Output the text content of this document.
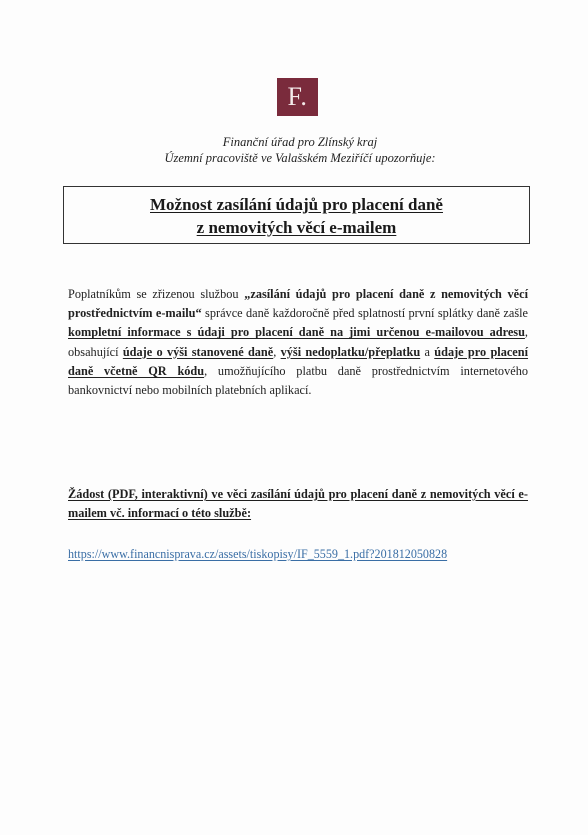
F.
Finanční úřad pro Zlínský kraj
Územní pracoviště ve Valašském Meziříčí upozorňuje:
Možnost zasílání údajů pro placení daně
z nemovitých věcí e-mailem
Poplatníkům se zřizenou službou „zasílání údajů pro placení daně z nemovitých věcí prostřednictvím e-mailu“ správce daně každoročně před splatností první splátky daně zašle kompletní informace s údaji pro placení daně na jimi určenou e-mailovou adresu, obsahující údaje o výši stanovené daně, výši nedoplatku/přeplatku a údaje pro placení daně včetně QR kódu, umožňujícího platbu daně prostřednictvím internetového bankovnictví nebo mobilních platebních aplikací.
Žádost (PDF, interaktivní) ve věci zasílání údajů pro placení daně z nemovitých věcí e-mailem vč. informací o této službě:
https://www.financnisprava.cz/assets/tiskopisy/IF_5559_1.pdf?201812050828
